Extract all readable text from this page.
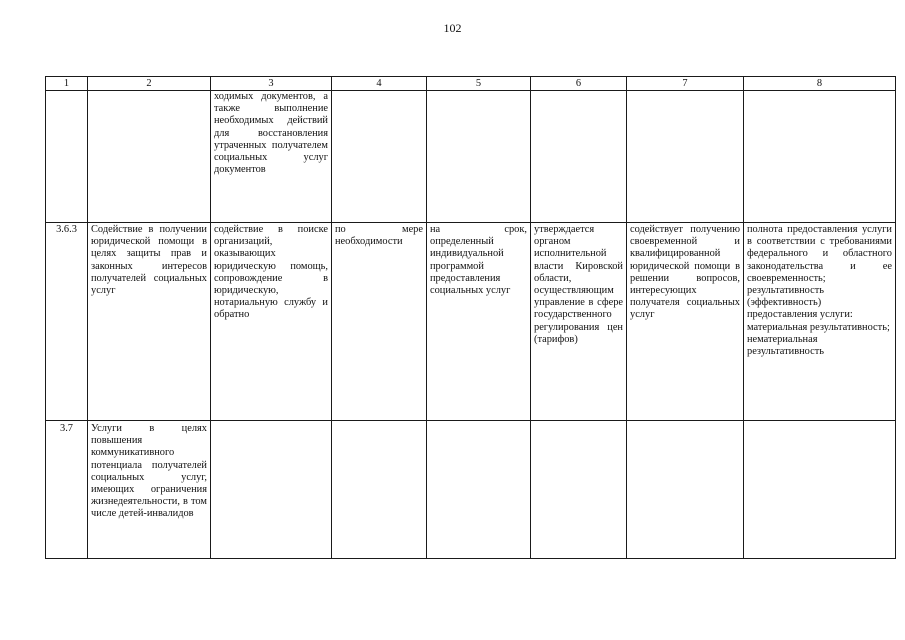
102
1	2	3	4	5	6	7	8

		ходимых документов, а также выполнение необходимых действий для восстановления утраченных получателем социальных услуг документов					

3.6.3	Содействие в получении юридической помощи в целях защиты прав и законных интересов получателей социальных услуг	содействие в поиске организаций, оказывающих юридическую помощь, сопровождение в юридическую, нотариальную службу и обратно	по мере необходимости	на срок, определенный индивидуальной программой предоставления социальных услуг	утверждается органом исполнительной власти Кировской области, осуществляющим управление в сфере государственного регулирования цен (тарифов)	содействует получению своевременной и квалифицированной юридической помощи в решении вопросов, интересующих получателя социальных услуг	полнота предоставления услуги в соответствии с требованиями федерального и областного законодательства и ее своевременность;
результативность (эффективность) предоставления услуги:
материальная результативность;
нематериальная результативность

3.7	Услуги в целях повышения коммуникативного потенциала получателей социальных услуг, имеющих ограничения жизнедеятельности, в том числе детей-инвалидов						
